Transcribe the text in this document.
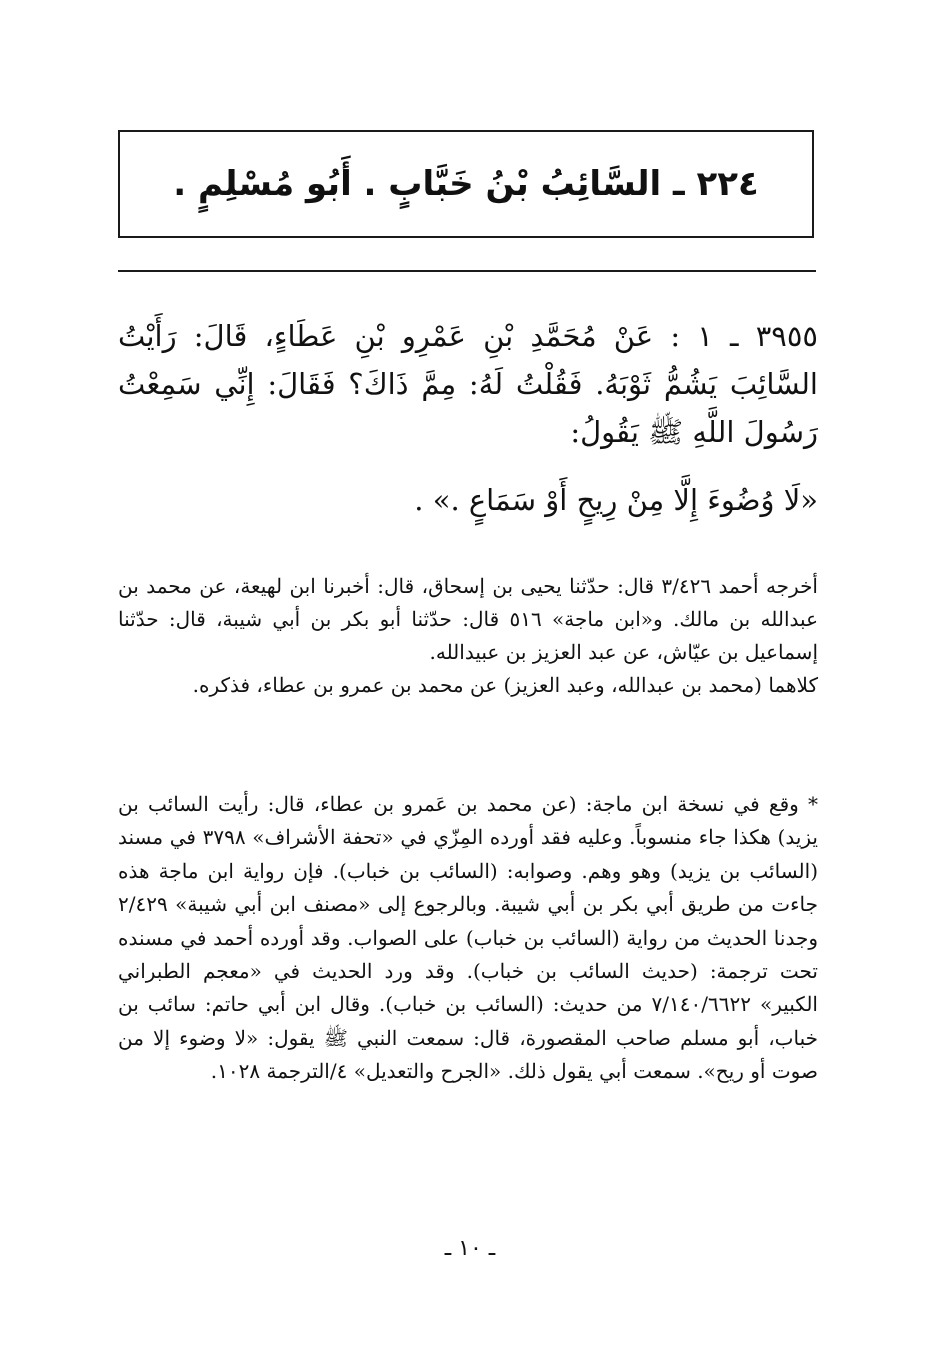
٢٢٤ ـ السَّائِبُ بْنُ خَبَّابٍ . أَبُو مُسْلِمٍ .

٣٩٥٥ ـ ١ : عَنْ مُحَمَّدِ بْنِ عَمْرِو بْنِ عَطَاءٍ، قَالَ: رَأَيْتُ السَّائِبَ يَشُمُّ ثَوْبَهُ. فَقُلْتُ لَهُ: مِمَّ ذَاكَ؟ فَقَالَ: إِنِّي سَمِعْتُ رَسُولَ اللَّهِ ﷺ يَقُولُ:

«لَا وُضُوءَ إِلَّا مِنْ رِيحٍ أَوْ سَمَاعٍ .» .

أخرجه أحمد ٣/٤٢٦ قال: حدّثنا يحيى بن إسحاق، قال: أخبرنا ابن لهيعة، عن محمد بن عبدالله بن مالك. و«ابن ماجة» ٥١٦ قال: حدّثنا أبو بكر بن أبي شيبة، قال: حدّثنا إسماعيل بن عيّاش، عن عبد العزيز بن عبيدالله.

كلاهما (محمد بن عبدالله، وعبد العزيز) عن محمد بن عمرو بن عطاء، فذكره.

* وقع في نسخة ابن ماجة: (عن محمد بن عَمرو بن عطاء، قال: رأيت السائب بن يزيد) هكذا جاء منسوباً. وعليه فقد أورده المِزّي في «تحفة الأشراف» ٣٧٩٨ في مسند (السائب بن يزيد) وهو وهم. وصوابه: (السائب بن خباب). فإن رواية ابن ماجة هذه جاءت من طريق أبي بكر بن أبي شيبة. وبالرجوع إلى «مصنف ابن أبي شيبة» ٢/٤٢٩ وجدنا الحديث من رواية (السائب بن خباب) على الصواب. وقد أورده أحمد في مسنده تحت ترجمة: (حديث السائب بن خباب). وقد ورد الحديث في «معجم الطبراني الكبير» ٧/١٤٠/٦٦٢٢ من حديث: (السائب بن خباب). وقال ابن أبي حاتم: سائب بن خباب، أبو مسلم صاحب المقصورة، قال: سمعت النبي ﷺ يقول: «لا وضوء إلا من صوت أو ريح». سمعت أبي يقول ذلك. «الجرح والتعديل» ٤/الترجمة ١٠٢٨.

ـ ١٠ ـ
